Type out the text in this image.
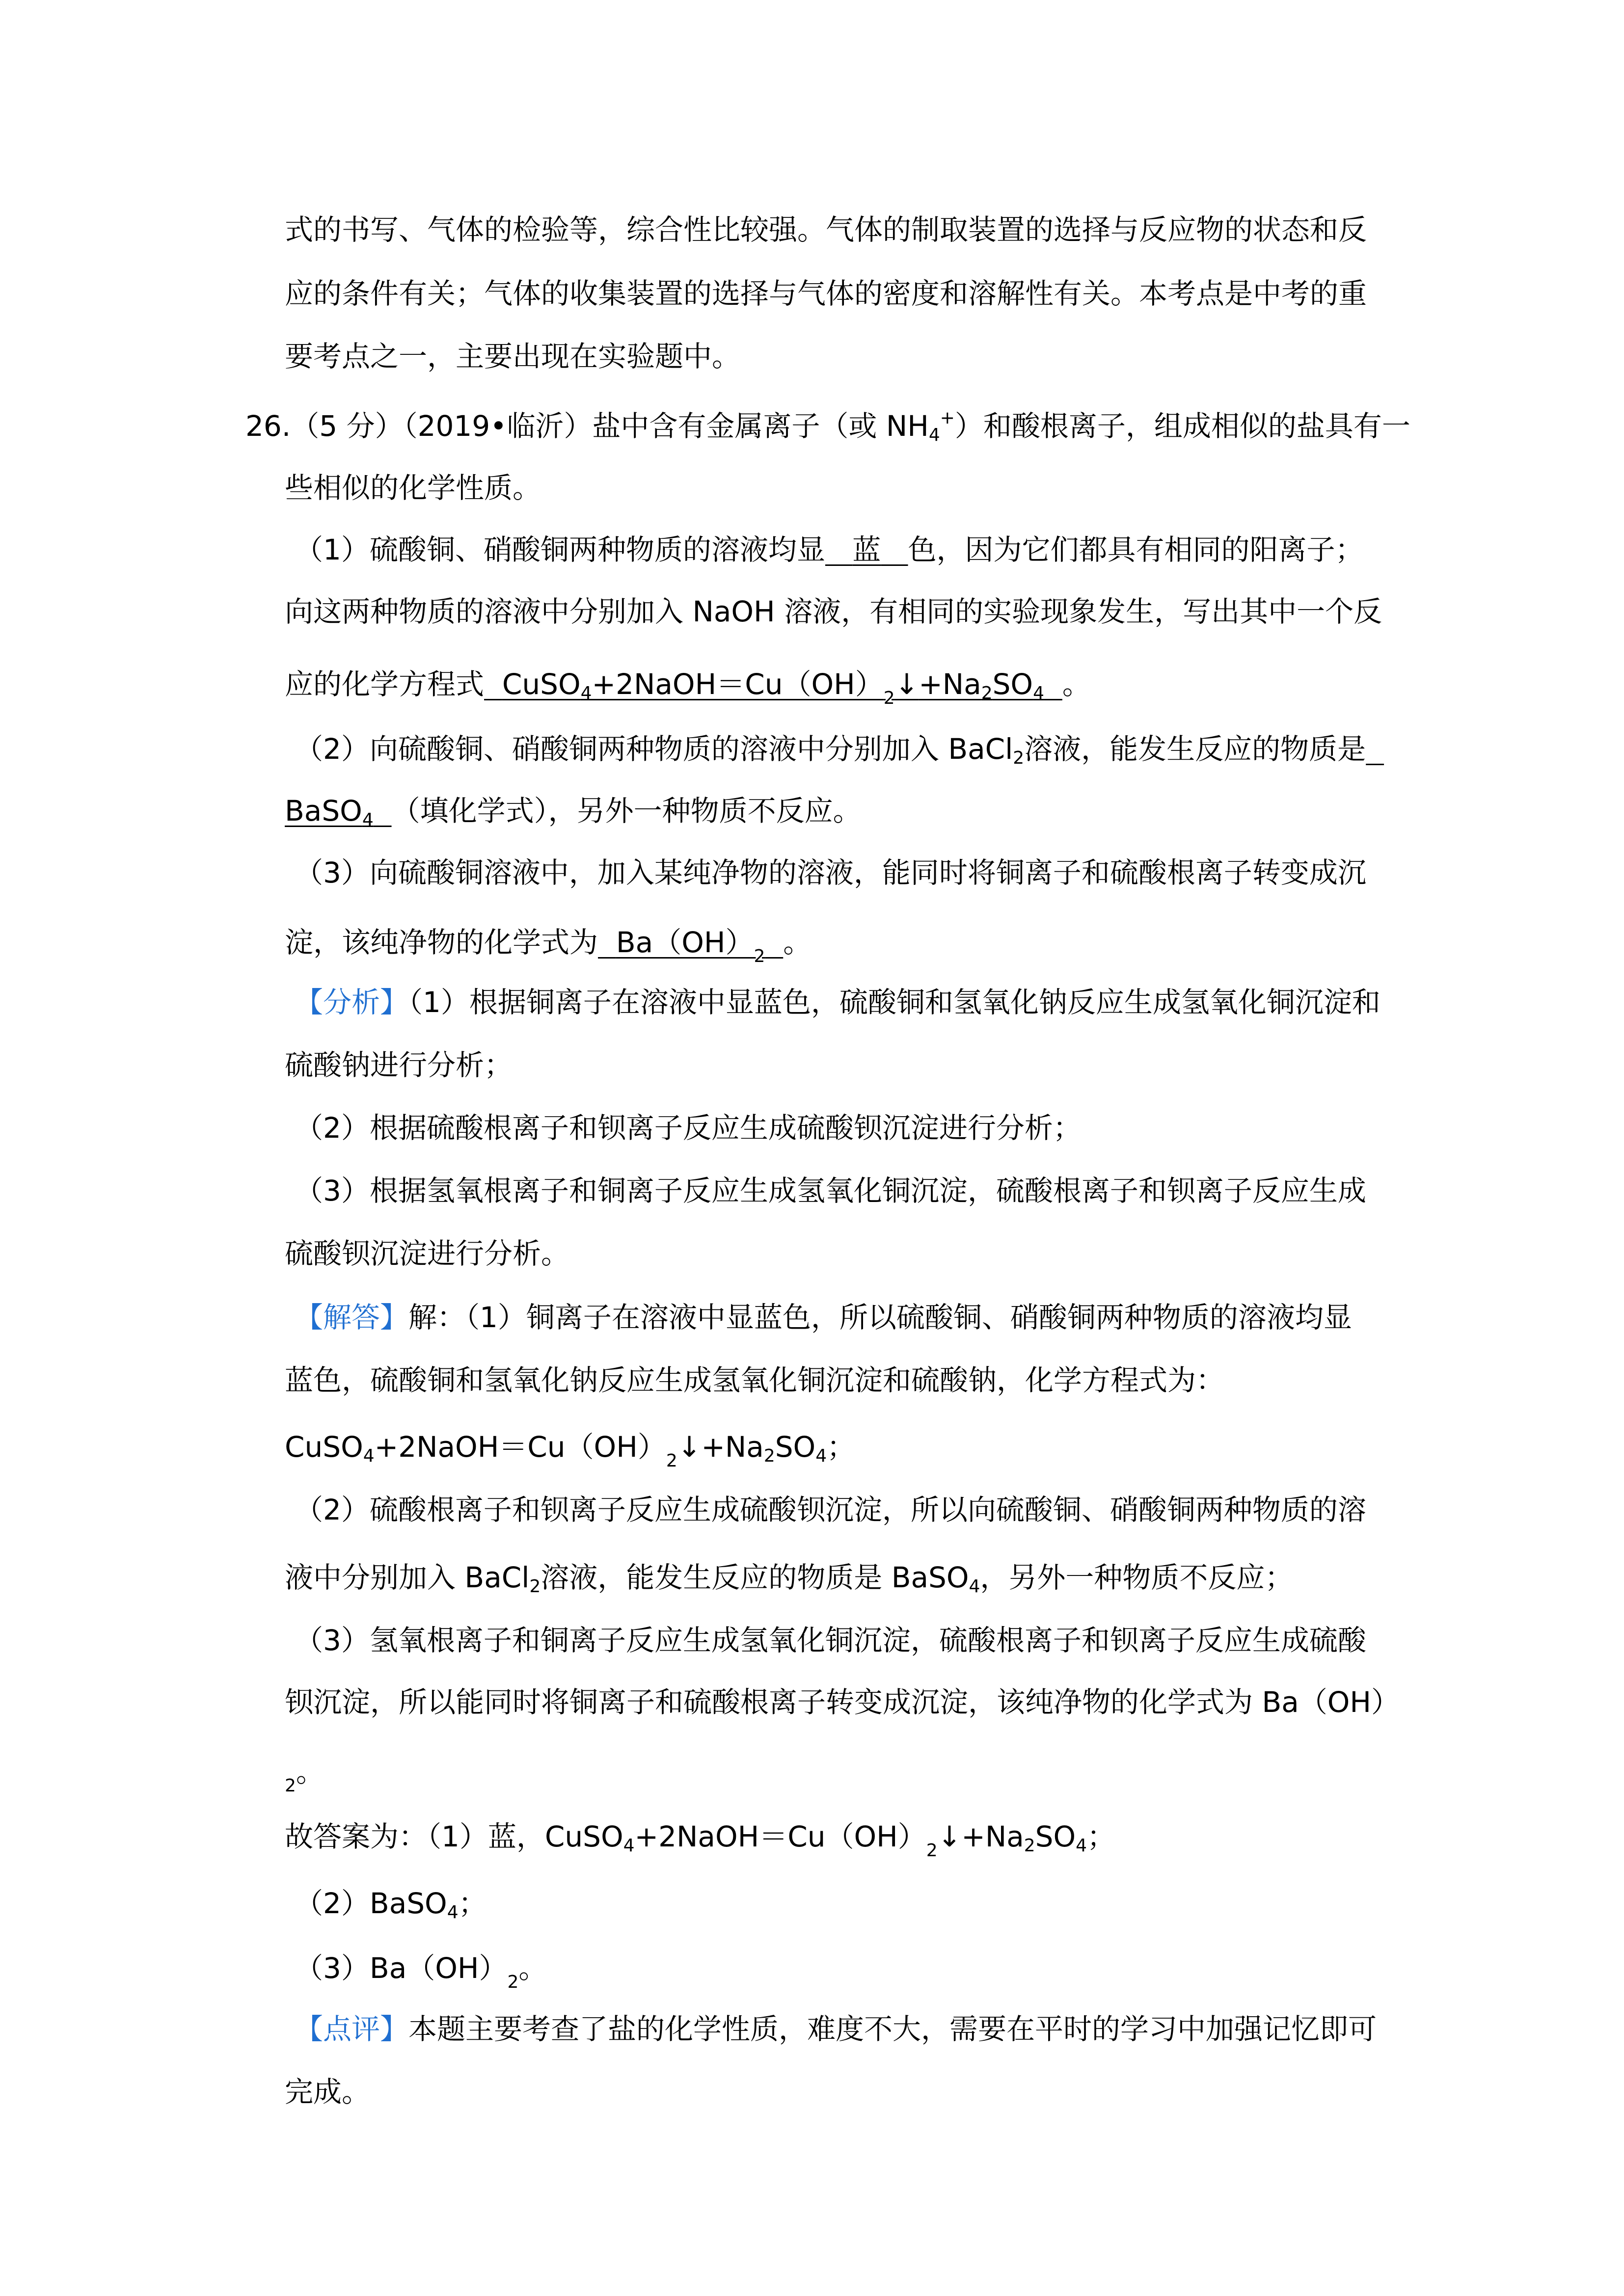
式的书写、气体的检验等，综合性比较强。气体的制取装置的选择与反应物的状态和反
应的条件有关；气体的收集装置的选择与气体的密度和溶解性有关。本考点是中考的重
要考点之一，主要出现在实验题中。
26.（5 分）（2019•临沂）盐中含有金属离子（或 $NH_4^+$）和酸根离子，组成相似的盐具有一
些相似的化学性质。
（1）硫酸铜、硝酸铜两种物质的溶液均显 蓝 色，因为它们都具有相同的阳离子；
向这两种物质的溶液中分别加入 NaOH 溶液，有相同的实验现象发生，写出其中一个反
应的化学方程式 $CuSO_4+2NaOH=Cu(OH)_2↓+Na_2SO_4$ 。
（2）向硫酸铜、硝酸铜两种物质的溶液中分别加入 BaCl$_2$溶液，能发生反应的物质是
BaSO$_4$ （填化学式），另外一种物质不反应。
（3）向硫酸铜溶液中，加入某纯净物的溶液，能同时将铜离子和硫酸根离子转变成沉
淀，该纯净物的化学式为 $Ba(OH)_2$ 。
【分析】（1）根据铜离子在溶液中显蓝色，硫酸铜和氢氧化钠反应生成氢氧化铜沉淀和
硫酸钠进行分析；
（2）根据硫酸根离子和钡离子反应生成硫酸钡沉淀进行分析；
（3）根据氢氧根离子和铜离子反应生成氢氧化铜沉淀，硫酸根离子和钡离子反应生成
硫酸钡沉淀进行分析。
【解答】解：（1）铜离子在溶液中显蓝色，所以硫酸铜、硝酸铜两种物质的溶液均显
蓝色，硫酸铜和氢氧化钠反应生成氢氧化铜沉淀和硫酸钠，化学方程式为：
$CuSO_4+2NaOH=Cu(OH)_2↓+Na_2SO_4$；
（2）硫酸根离子和钡离子反应生成硫酸钡沉淀，所以向硫酸铜、硝酸铜两种物质的溶
液中分别加入 BaCl$_2$溶液，能发生反应的物质是 BaSO$_4$，另外一种物质不反应；
（3）氢氧根离子和铜离子反应生成氢氧化铜沉淀，硫酸根离子和钡离子反应生成硫酸
钡沉淀，所以能同时将铜离子和硫酸根离子转变成沉淀，该纯净物的化学式为 Ba（OH）
$_2$。
故答案为：（1）蓝，$CuSO_4+2NaOH=Cu(OH)_2↓+Na_2SO_4$；
（2）BaSO$_4$；
$(3)Ba(OH)_2$。
【点评】本题主要考查了盐的化学性质，难度不大，需要在平时的学习中加强记忆即可
完成。
